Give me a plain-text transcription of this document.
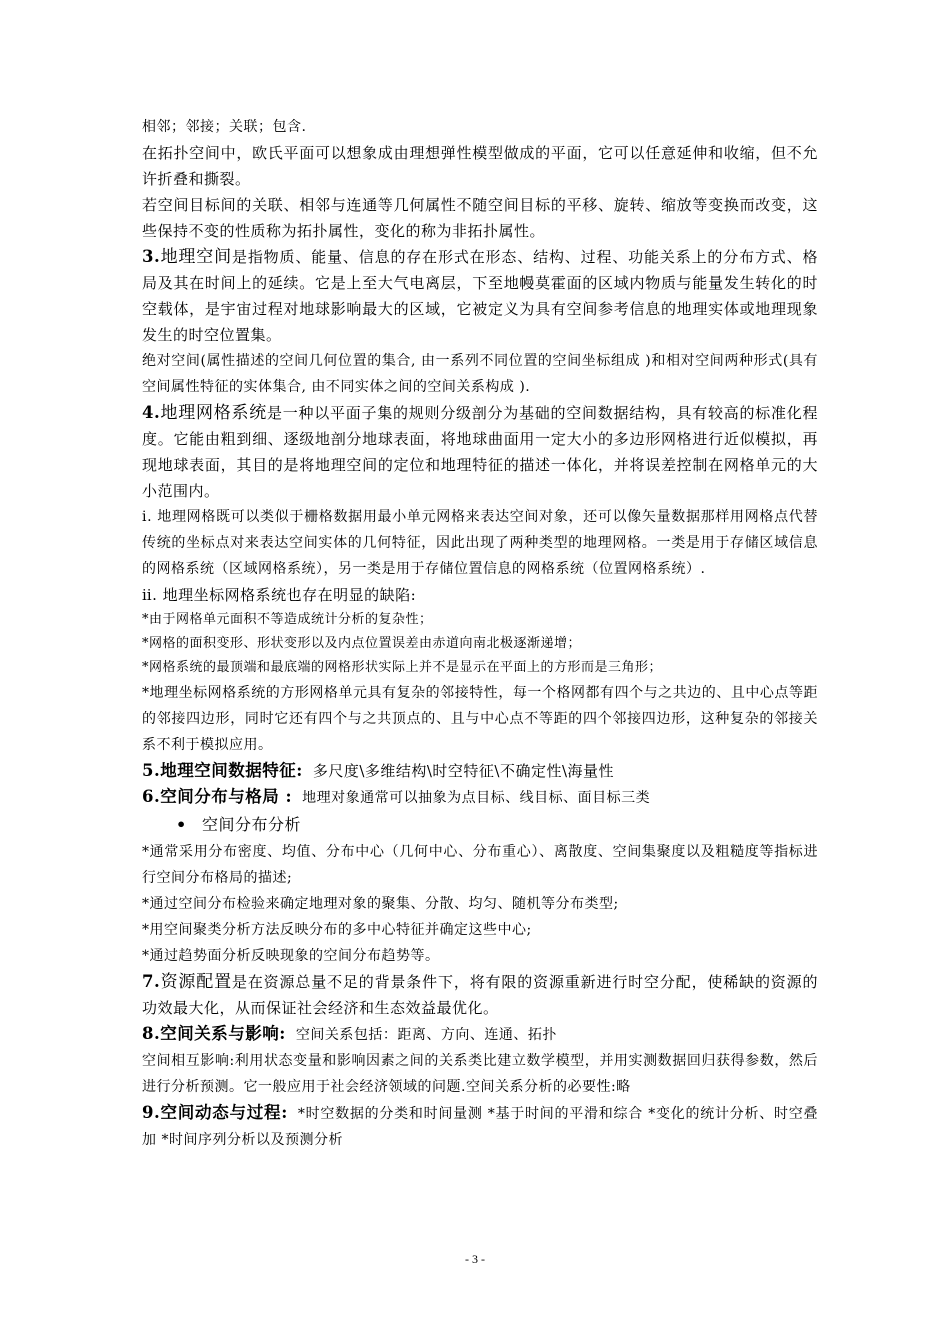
相邻；邻接；关联；包含.

在拓扑空间中，欧氏平面可以想象成由理想弹性模型做成的平面，它可以任意延伸和收缩，但不允许折叠和撕裂。

若空间目标间的关联、相邻与连通等几何属性不随空间目标的平移、旋转、缩放等变换而改变，这些保持不变的性质称为拓扑属性，变化的称为非拓扑属性。

3.地理空间是指物质、能量、信息的存在形式在形态、结构、过程、功能关系上的分布方式、格局及其在时间上的延续。它是上至大气电离层，下至地幔莫霍面的区域内物质与能量发生转化的时空载体，是宇宙过程对地球影响最大的区域，它被定义为具有空间参考信息的地理实体或地理现象发生的时空位置集。

绝对空间(属性描述的空间几何位置的集合, 由一系列不同位置的空间坐标组成 )和相对空间两种形式(具有空间属性特征的实体集合, 由不同实体之间的空间关系构成 ).

4.地理网格系统是一种以平面子集的规则分级剖分为基础的空间数据结构，具有较高的标准化程度。它能由粗到细、逐级地剖分地球表面，将地球曲面用一定大小的多边形网格进行近似模拟，再现地球表面，其目的是将地理空间的定位和地理特征的描述一体化，并将误差控制在网格单元的大小范围内。

ⅰ. 地理网格既可以类似于栅格数据用最小单元网格来表达空间对象，还可以像矢量数据那样用网格点代替传统的坐标点对来表达空间实体的几何特征，因此出现了两种类型的地理网格。一类是用于存储区域信息的网格系统（区域网格系统），另一类是用于存储位置信息的网格系统（位置网格系统）.

ⅱ. 地理坐标网格系统也存在明显的缺陷:

*由于网格单元面积不等造成统计分析的复杂性；

*网格的面积变形、形状变形以及内点位置误差由赤道向南北极逐渐递增；

*网格系统的最顶端和最底端的网格形状实际上并不是显示在平面上的方形而是三角形；

*地理坐标网格系统的方形网格单元具有复杂的邻接特性，每一个格网都有四个与之共边的、且中心点等距的邻接四边形，同时它还有四个与之共顶点的、且与中心点不等距的四个邻接四边形，这种复杂的邻接关系不利于模拟应用。

5.地理空间数据特征: 多尺度\多维结构\时空特征\不确定性\海量性

6.空间分布与格局 : 地理对象通常可以抽象为点目标、线目标、面目标三类

• 空间分布分析

*通常采用分布密度、均值、分布中心（几何中心、分布重心）、离散度、空间集聚度以及粗糙度等指标进行空间分布格局的描述;

*通过空间分布检验来确定地理对象的聚集、分散、均匀、随机等分布类型;

*用空间聚类分析方法反映分布的多中心特征并确定这些中心;

*通过趋势面分析反映现象的空间分布趋势等。

7.资源配置是在资源总量不足的背景条件下，将有限的资源重新进行时空分配，使稀缺的资源的功效最大化，从而保证社会经济和生态效益最优化。

8.空间关系与影响: 空间关系包括：距离、方向、连通、拓扑

空间相互影响:利用状态变量和影响因素之间的关系类比建立数学模型，并用实测数据回归获得参数，然后进行分析预测。它一般应用于社会经济领域的问题.空间关系分析的必要性:略

9.空间动态与过程: *时空数据的分类和时间量测 *基于时间的平滑和综合 *变化的统计分析、时空叠加 *时间序列分析以及预测分析

- 3 -
